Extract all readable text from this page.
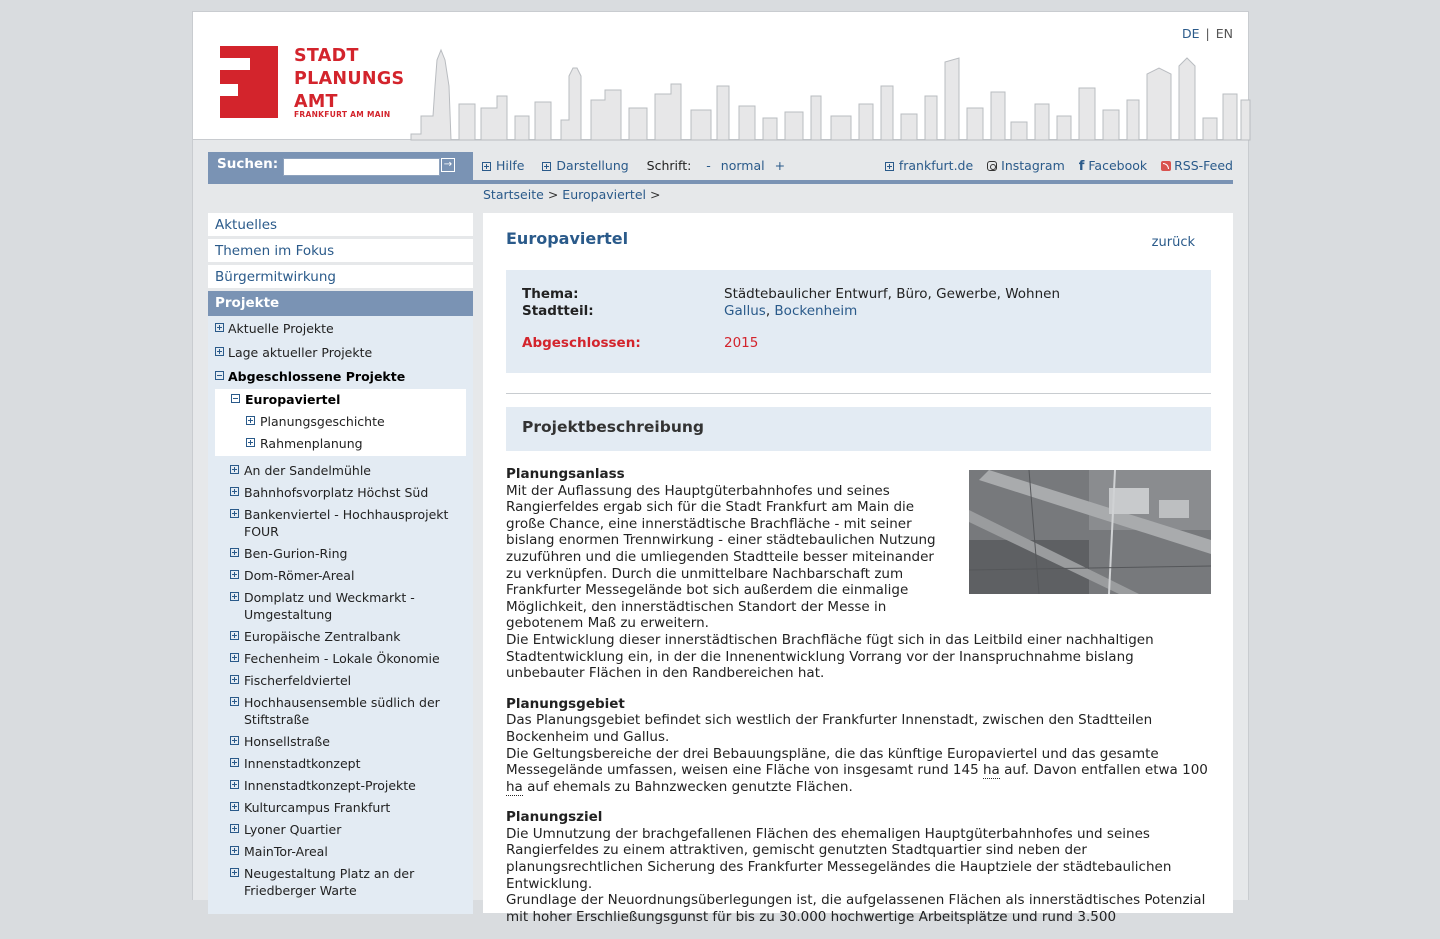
STADT
PLANUNGS
AMT
FRANKFURT AM MAIN
DE | EN
Suchen:	→	Hilfe	Darstellung Schrift: - normal +	frankfurt.de Instagram f Facebook RSS-Feed
Startseite > Europaviertel >
Aktuelles
Themen im Fokus
Bürgermitwirkung
Projekte
Aktuelle Projekte
Lage aktueller Projekte
Abgeschlossene Projekte
Europaviertel
Planungsgeschichte
Rahmenplanung
An der Sandelmühle
Bahnhofsvorplatz Höchst Süd
Bankenviertel - Hochhausprojekt FOUR
Ben-Gurion-Ring
Dom-Römer-Areal
Domplatz und Weckmarkt - Umgestaltung
Europäische Zentralbank
Fechenheim - Lokale Ökonomie
Fischerfeldviertel
Hochhausensemble südlich der Stiftstraße
Honsellstraße
Innenstadtkonzept
Innenstadtkonzept-Projekte
Kulturcampus Frankfurt
Lyoner Quartier
MainTor-Areal
Neugestaltung Platz an der Friedberger Warte
Europaviertel	zurück
Thema:	Städtebaulicher Entwurf, Büro, Gewerbe, Wohnen
Stadtteil:	Gallus, Bockenheim
Abgeschlossen:	2015
Projektbeschreibung
Planungsanlass

Mit der Auflassung des Hauptgüterbahnhofes und seines Rangierfeldes ergab sich für die Stadt Frankfurt am Main die große Chance, eine innerstädtische Brachfläche - mit seiner bislang enormen Trennwirkung - einer städtebaulichen Nutzung zuzuführen und die umliegenden Stadtteile besser miteinander zu verknüpfen. Durch die unmittelbare Nachbarschaft zum Frankfurter Messegelände bot sich außerdem die einmalige Möglichkeit, den innerstädtischen Standort der Messe in gebotenem Maß zu erweitern.

Die Entwicklung dieser innerstädtischen Brachfläche fügt sich in das Leitbild einer nachhaltigen Stadtentwicklung ein, in der die Innenentwicklung Vorrang vor der Inanspruchnahme bislang unbebauter Flächen in den Randbereichen hat.

Planungsgebiet

Das Planungsgebiet befindet sich westlich der Frankfurter Innenstadt, zwischen den Stadtteilen Bockenheim und Gallus.

Die Geltungsbereiche der drei Bebauungspläne, die das künftige Europaviertel und das gesamte Messegelände umfassen, weisen eine Fläche von insgesamt rund 145 ha auf. Davon entfallen etwa 100 ha auf ehemals zu Bahnzwecken genutzte Flächen.

Planungsziel

Die Umnutzung der brachgefallenen Flächen des ehemaligen Hauptgüterbahnhofes und seines Rangierfeldes zu einem attraktiven, gemischt genutzten Stadtquartier sind neben der planungsrechtlichen Sicherung des Frankfurter Messegeländes die Hauptziele der städtebaulichen Entwicklung.

Grundlage der Neuordnungsüberlegungen ist, die aufgelassenen Flächen als innerstädtisches Potenzial mit hoher Erschließungsgunst für bis zu 30.000 hochwertige Arbeitsplätze und rund 3.500
